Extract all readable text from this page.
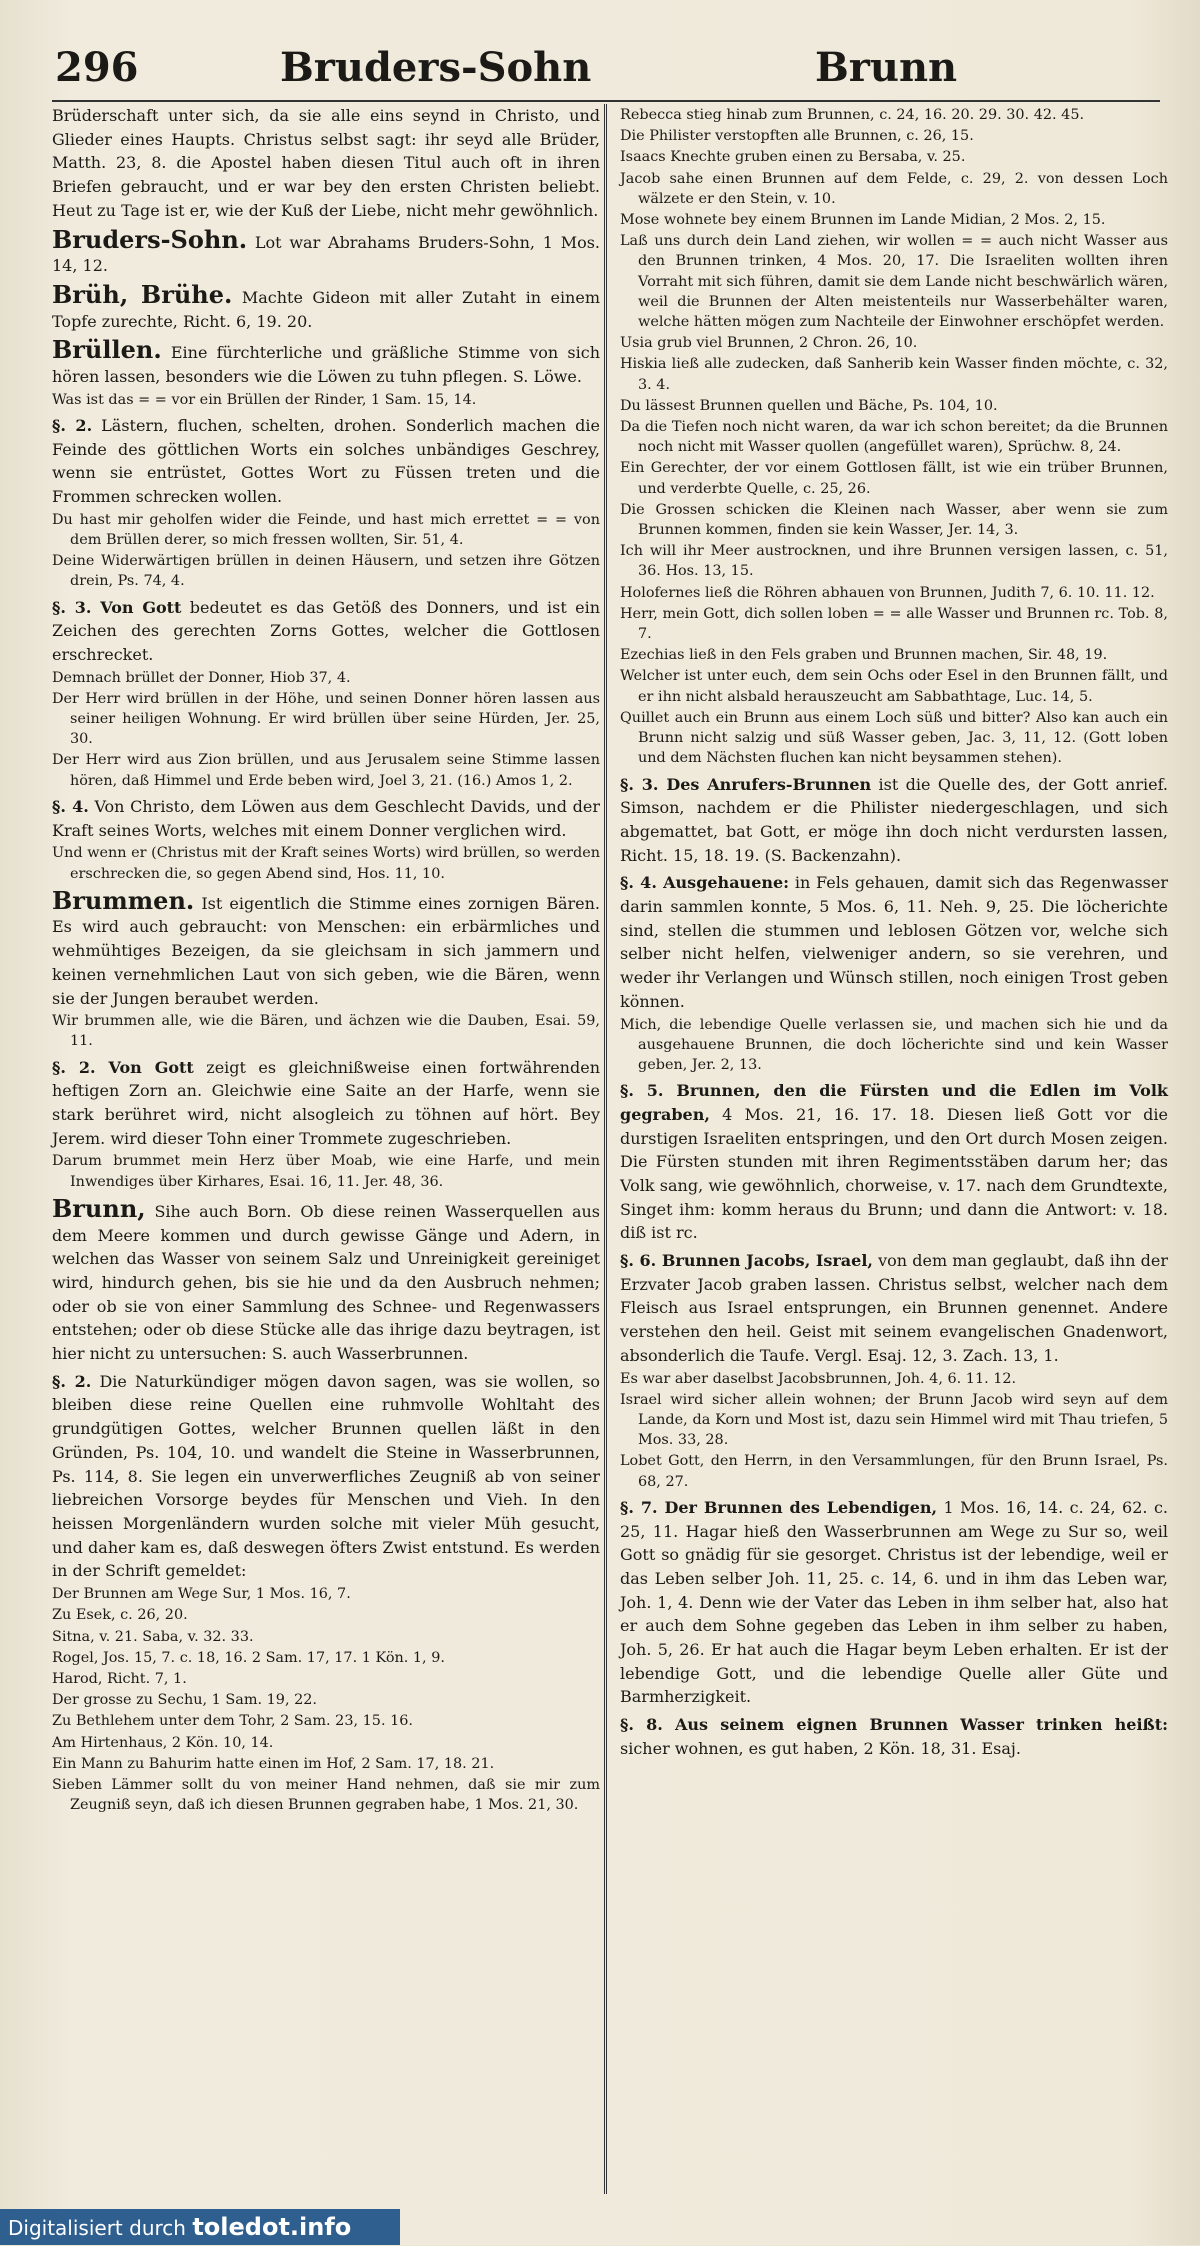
296	Bruders-Sohn	Brunn

Brüderschaft unter sich, da sie alle eins seynd in Christo, und Glieder eines Haupts. Christus selbst sagt: ihr seyd alle Brüder, Matth. 23, 8. die Apostel haben diesen Titul auch oft in ihren Briefen gebraucht, und er war bey den ersten Christen beliebt. Heut zu Tage ist er, wie der Kuß der Liebe, nicht mehr gewöhnlich.

Bruders-Sohn. Lot war Abrahams Bruders-Sohn, 1 Mos. 14, 12.

Brüh, Brühe. Machte Gideon mit aller Zutaht in einem Topfe zurechte, Richt. 6, 19. 20.

Brüllen. Eine fürchterliche und gräßliche Stimme von sich hören lassen, besonders wie die Löwen zu tuhn pflegen. S. Löwe.

Was ist das = = vor ein Brüllen der Rinder, 1 Sam. 15, 14.

§. 2. Lästern, fluchen, schelten, drohen. Sonderlich machen die Feinde des göttlichen Worts ein solches unbändiges Geschrey, wenn sie entrüstet, Gottes Wort zu Füssen treten und die Frommen schrecken wollen.

Du hast mir geholfen wider die Feinde, und hast mich errettet = = von dem Brüllen derer, so mich fressen wollten, Sir. 51, 4.

Deine Widerwärtigen brüllen in deinen Häusern, und setzen ihre Götzen drein, Ps. 74, 4.

§. 3. Von Gott bedeutet es das Getöß des Donners, und ist ein Zeichen des gerechten Zorns Gottes, welcher die Gottlosen erschrecket.

Demnach brüllet der Donner, Hiob 37, 4.

Der Herr wird brüllen in der Höhe, und seinen Donner hören lassen aus seiner heiligen Wohnung. Er wird brüllen über seine Hürden, Jer. 25, 30.

Der Herr wird aus Zion brüllen, und aus Jerusalem seine Stimme lassen hören, daß Himmel und Erde beben wird, Joel 3, 21. (16.) Amos 1, 2.

§. 4. Von Christo, dem Löwen aus dem Geschlecht Davids, und der Kraft seines Worts, welches mit einem Donner verglichen wird.

Und wenn er (Christus mit der Kraft seines Worts) wird brüllen, so werden erschrecken die, so gegen Abend sind, Hos. 11, 10.

Brummen. Ist eigentlich die Stimme eines zornigen Bären. Es wird auch gebraucht: von Menschen: ein erbärmliches und wehmühtiges Bezeigen, da sie gleichsam in sich jammern und keinen vernehmlichen Laut von sich geben, wie die Bären, wenn sie der Jungen beraubet werden.

Wir brummen alle, wie die Bären, und ächzen wie die Dauben, Esai. 59, 11.

§. 2. Von Gott zeigt es gleichnißweise einen fortwährenden heftigen Zorn an. Gleichwie eine Saite an der Harfe, wenn sie stark berühret wird, nicht alsogleich zu töhnen auf hört. Bey Jerem. wird dieser Tohn einer Trommete zugeschrieben.

Darum brummet mein Herz über Moab, wie eine Harfe, und mein Inwendiges über Kirhares, Esai. 16, 11. Jer. 48, 36.

Brunn, Sihe auch Born. Ob diese reinen Wasserquellen aus dem Meere kommen und durch gewisse Gänge und Adern, in welchen das Wasser von seinem Salz und Unreinigkeit gereiniget wird, hindurch gehen, bis sie hie und da den Ausbruch nehmen; oder ob sie von einer Sammlung des Schnee- und Regenwassers entstehen; oder ob diese Stücke alle das ihrige dazu beytragen, ist hier nicht zu untersuchen: S. auch Wasserbrunnen.

§. 2. Die Naturkündiger mögen davon sagen, was sie wollen, so bleiben diese reine Quellen eine ruhmvolle Wohltaht des grundgütigen Gottes, welcher Brunnen quellen läßt in den Gründen, Ps. 104, 10. und wandelt die Steine in Wasserbrunnen, Ps. 114, 8. Sie legen ein unverwerfliches Zeugniß ab von seiner liebreichen Vorsorge beydes für Menschen und Vieh. In den heissen Morgenländern wurden solche mit vieler Müh gesucht, und daher kam es, daß deswegen öfters Zwist entstund. Es werden in der Schrift gemeldet:

Der Brunnen am Wege Sur, 1 Mos. 16, 7.

Zu Esek, c. 26, 20.

Sitna, v. 21. Saba, v. 32. 33.

Rogel, Jos. 15, 7. c. 18, 16. 2 Sam. 17, 17. 1 Kön. 1, 9.

Harod, Richt. 7, 1.

Der grosse zu Sechu, 1 Sam. 19, 22.

Zu Bethlehem unter dem Tohr, 2 Sam. 23, 15. 16.

Am Hirtenhaus, 2 Kön. 10, 14.

Ein Mann zu Bahurim hatte einen im Hof, 2 Sam. 17, 18. 21.

Sieben Lämmer sollt du von meiner Hand nehmen, daß sie mir zum Zeugniß seyn, daß ich diesen Brunnen gegraben habe, 1 Mos. 21, 30.

Rebecca stieg hinab zum Brunnen, c. 24, 16. 20. 29. 30. 42. 45.

Die Philister verstopften alle Brunnen, c. 26, 15.

Isaacs Knechte gruben einen zu Bersaba, v. 25.

Jacob sahe einen Brunnen auf dem Felde, c. 29, 2. von dessen Loch wälzete er den Stein, v. 10.

Mose wohnete bey einem Brunnen im Lande Midian, 2 Mos. 2, 15.

Laß uns durch dein Land ziehen, wir wollen = = auch nicht Wasser aus den Brunnen trinken, 4 Mos. 20, 17. Die Israeliten wollten ihren Vorraht mit sich führen, damit sie dem Lande nicht beschwärlich wären, weil die Brunnen der Alten meistenteils nur Wasserbehälter waren, welche hätten mögen zum Nachteile der Einwohner erschöpfet werden.

Usia grub viel Brunnen, 2 Chron. 26, 10.

Hiskia ließ alle zudecken, daß Sanherib kein Wasser finden möchte, c. 32, 3. 4.

Du lässest Brunnen quellen und Bäche, Ps. 104, 10.

Da die Tiefen noch nicht waren, da war ich schon bereitet; da die Brunnen noch nicht mit Wasser quollen (angefüllet waren), Sprüchw. 8, 24.

Ein Gerechter, der vor einem Gottlosen fällt, ist wie ein trüber Brunnen, und verderbte Quelle, c. 25, 26.

Die Grossen schicken die Kleinen nach Wasser, aber wenn sie zum Brunnen kommen, finden sie kein Wasser, Jer. 14, 3.

Ich will ihr Meer austrocknen, und ihre Brunnen versigen lassen, c. 51, 36. Hos. 13, 15.

Holofernes ließ die Röhren abhauen von Brunnen, Judith 7, 6. 10. 11. 12.

Herr, mein Gott, dich sollen loben = = alle Wasser und Brunnen rc. Tob. 8, 7.

Ezechias ließ in den Fels graben und Brunnen machen, Sir. 48, 19.

Welcher ist unter euch, dem sein Ochs oder Esel in den Brunnen fällt, und er ihn nicht alsbald herauszeucht am Sabbathtage, Luc. 14, 5.

Quillet auch ein Brunn aus einem Loch süß und bitter? Also kan auch ein Brunn nicht salzig und süß Wasser geben, Jac. 3, 11, 12. (Gott loben und dem Nächsten fluchen kan nicht beysammen stehen).

§. 3. Des Anrufers-Brunnen ist die Quelle des, der Gott anrief. Simson, nachdem er die Philister niedergeschlagen, und sich abgemattet, bat Gott, er möge ihn doch nicht verdursten lassen, Richt. 15, 18. 19. (S. Backenzahn).

§. 4. Ausgehauene: in Fels gehauen, damit sich das Regenwasser darin sammlen konnte, 5 Mos. 6, 11. Neh. 9, 25. Die löcherichte sind, stellen die stummen und leblosen Götzen vor, welche sich selber nicht helfen, vielweniger andern, so sie verehren, und weder ihr Verlangen und Wünsch stillen, noch einigen Trost geben können.

Mich, die lebendige Quelle verlassen sie, und machen sich hie und da ausgehauene Brunnen, die doch löcherichte sind und kein Wasser geben, Jer. 2, 13.

§. 5. Brunnen, den die Fürsten und die Edlen im Volk gegraben, 4 Mos. 21, 16. 17. 18. Diesen ließ Gott vor die durstigen Israeliten entspringen, und den Ort durch Mosen zeigen. Die Fürsten stunden mit ihren Regimentsstäben darum her; das Volk sang, wie gewöhnlich, chorweise, v. 17. nach dem Grundtexte, Singet ihm: komm heraus du Brunn; und dann die Antwort: v. 18. diß ist rc.

§. 6. Brunnen Jacobs, Israel, von dem man geglaubt, daß ihn der Erzvater Jacob graben lassen. Christus selbst, welcher nach dem Fleisch aus Israel entsprungen, ein Brunnen genennet. Andere verstehen den heil. Geist mit seinem evangelischen Gnadenwort, absonderlich die Taufe. Vergl. Esaj. 12, 3. Zach. 13, 1.

Es war aber daselbst Jacobsbrunnen, Joh. 4, 6. 11. 12.

Israel wird sicher allein wohnen; der Brunn Jacob wird seyn auf dem Lande, da Korn und Most ist, dazu sein Himmel wird mit Thau triefen, 5 Mos. 33, 28.

Lobet Gott, den Herrn, in den Versammlungen, für den Brunn Israel, Ps. 68, 27.

§. 7. Der Brunnen des Lebendigen, 1 Mos. 16, 14. c. 24, 62. c. 25, 11. Hagar hieß den Wasserbrunnen am Wege zu Sur so, weil Gott so gnädig für sie gesorget. Christus ist der lebendige, weil er das Leben selber Joh. 11, 25. c. 14, 6. und in ihm das Leben war, Joh. 1, 4. Denn wie der Vater das Leben in ihm selber hat, also hat er auch dem Sohne gegeben das Leben in ihm selber zu haben, Joh. 5, 26. Er hat auch die Hagar beym Leben erhalten. Er ist der lebendige Gott, und die lebendige Quelle aller Güte und Barmherzigkeit.

§. 8. Aus seinem eignen Brunnen Wasser trinken heißt: sicher wohnen, es gut haben, 2 Kön. 18, 31. Esaj.

Digitalisiert durch toledot.info
